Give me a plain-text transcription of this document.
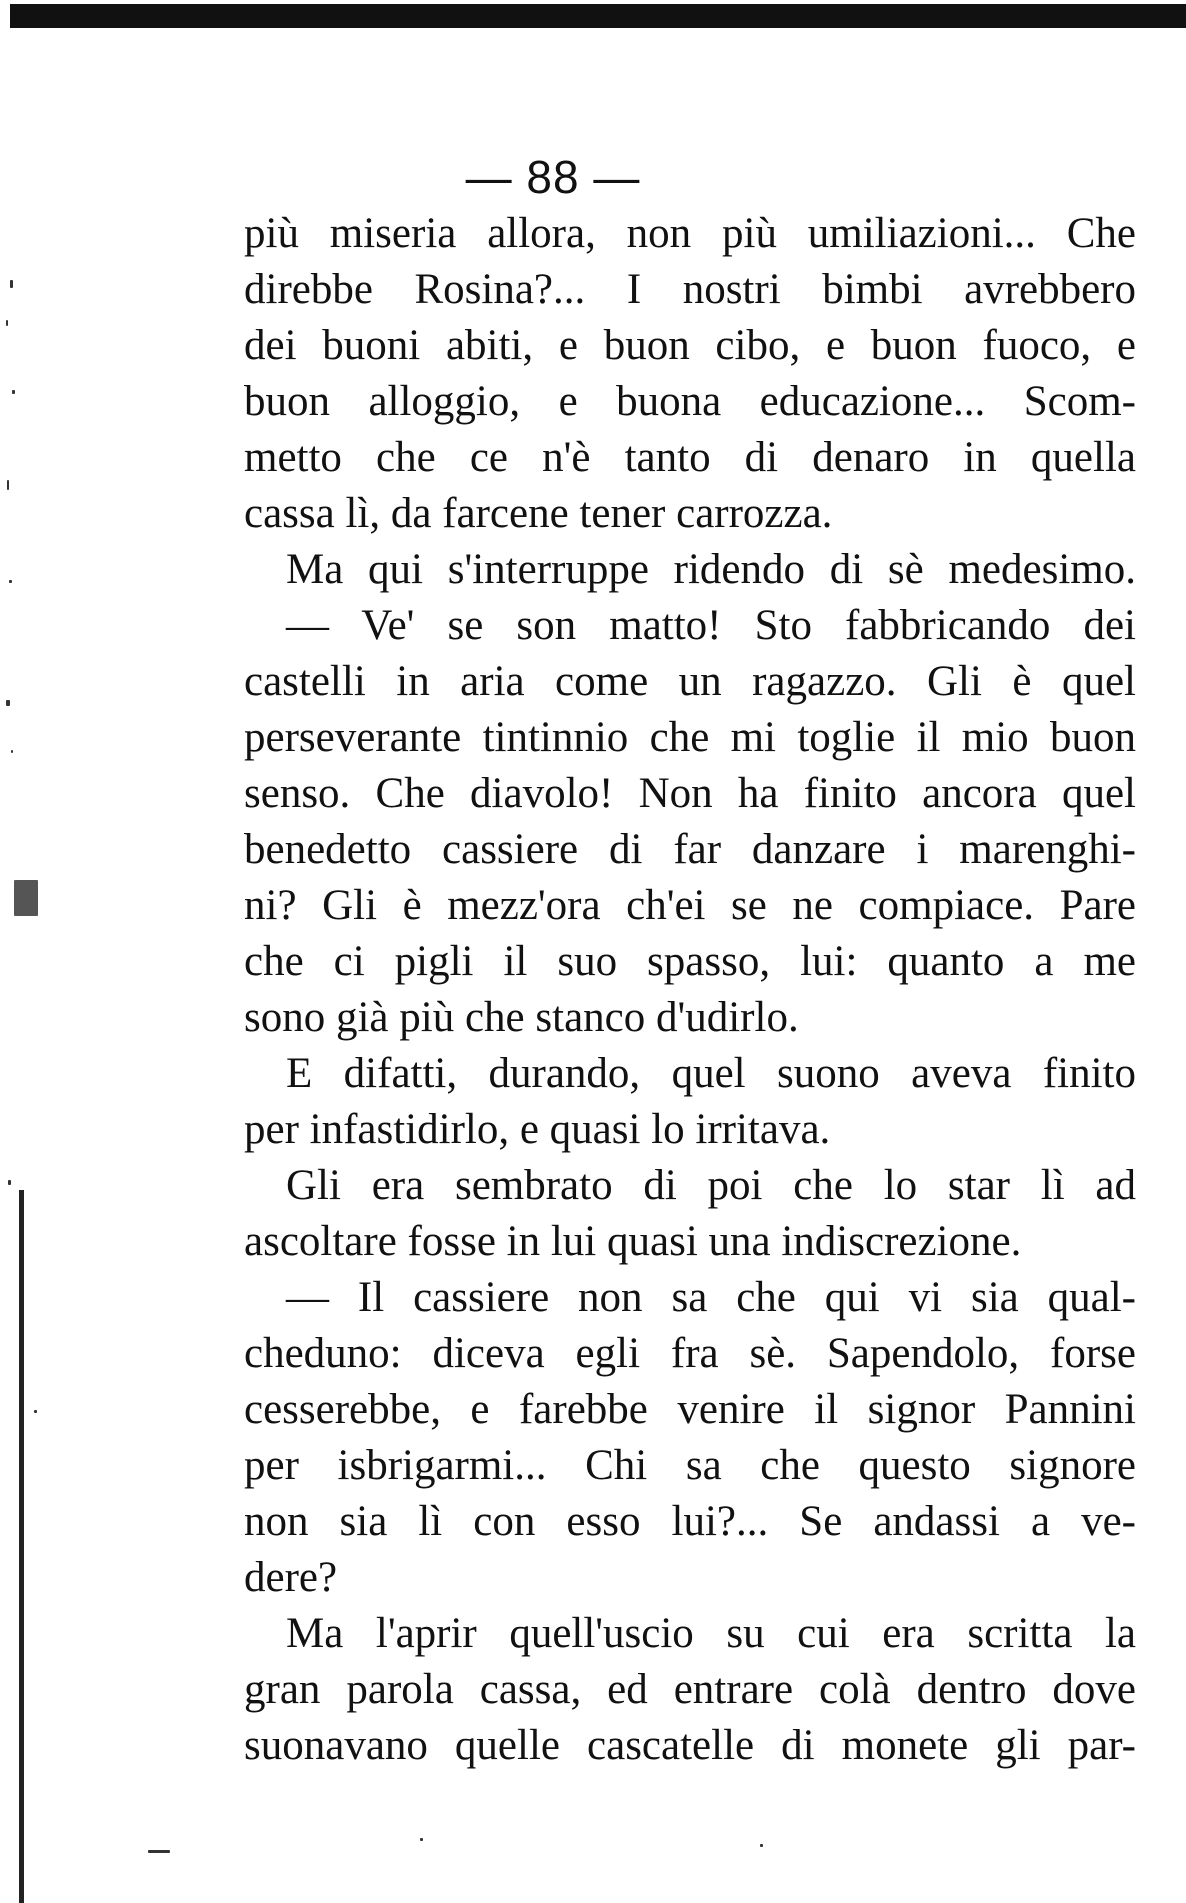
— 88 —
più miseria allora, non più umiliazioni... Che
direbbe Rosina?... I nostri bimbi avrebbero
dei buoni abiti, e buon cibo, e buon fuoco, e
buon alloggio, e buona educazione... Scom-
metto che ce n'è tanto di denaro in quella
cassa lì, da farcene tener carrozza.
Ma qui s'interruppe ridendo di sè medesimo.
— Ve' se son matto! Sto fabbricando dei
castelli in aria come un ragazzo. Gli è quel
perseverante tintinnio che mi toglie il mio buon
senso. Che diavolo! Non ha finito ancora quel
benedetto cassiere di far danzare i marenghi-
ni? Gli è mezz'ora ch'ei se ne compiace. Pare
che ci pigli il suo spasso, lui: quanto a me
sono già più che stanco d'udirlo.
E difatti, durando, quel suono aveva finito
per infastidirlo, e quasi lo irritava.
Gli era sembrato di poi che lo star lì ad
ascoltare fosse in lui quasi una indiscrezione.
— Il cassiere non sa che qui vi sia qual-
cheduno: diceva egli fra sè. Sapendolo, forse
cesserebbe, e farebbe venire il signor Pannini
per isbrigarmi... Chi sa che questo signore
non sia lì con esso lui?... Se andassi a ve-
dere?
Ma l'aprir quell'uscio su cui era scritta la
gran parola cassa, ed entrare colà dentro dove
suonavano quelle cascatelle di monete gli par-
